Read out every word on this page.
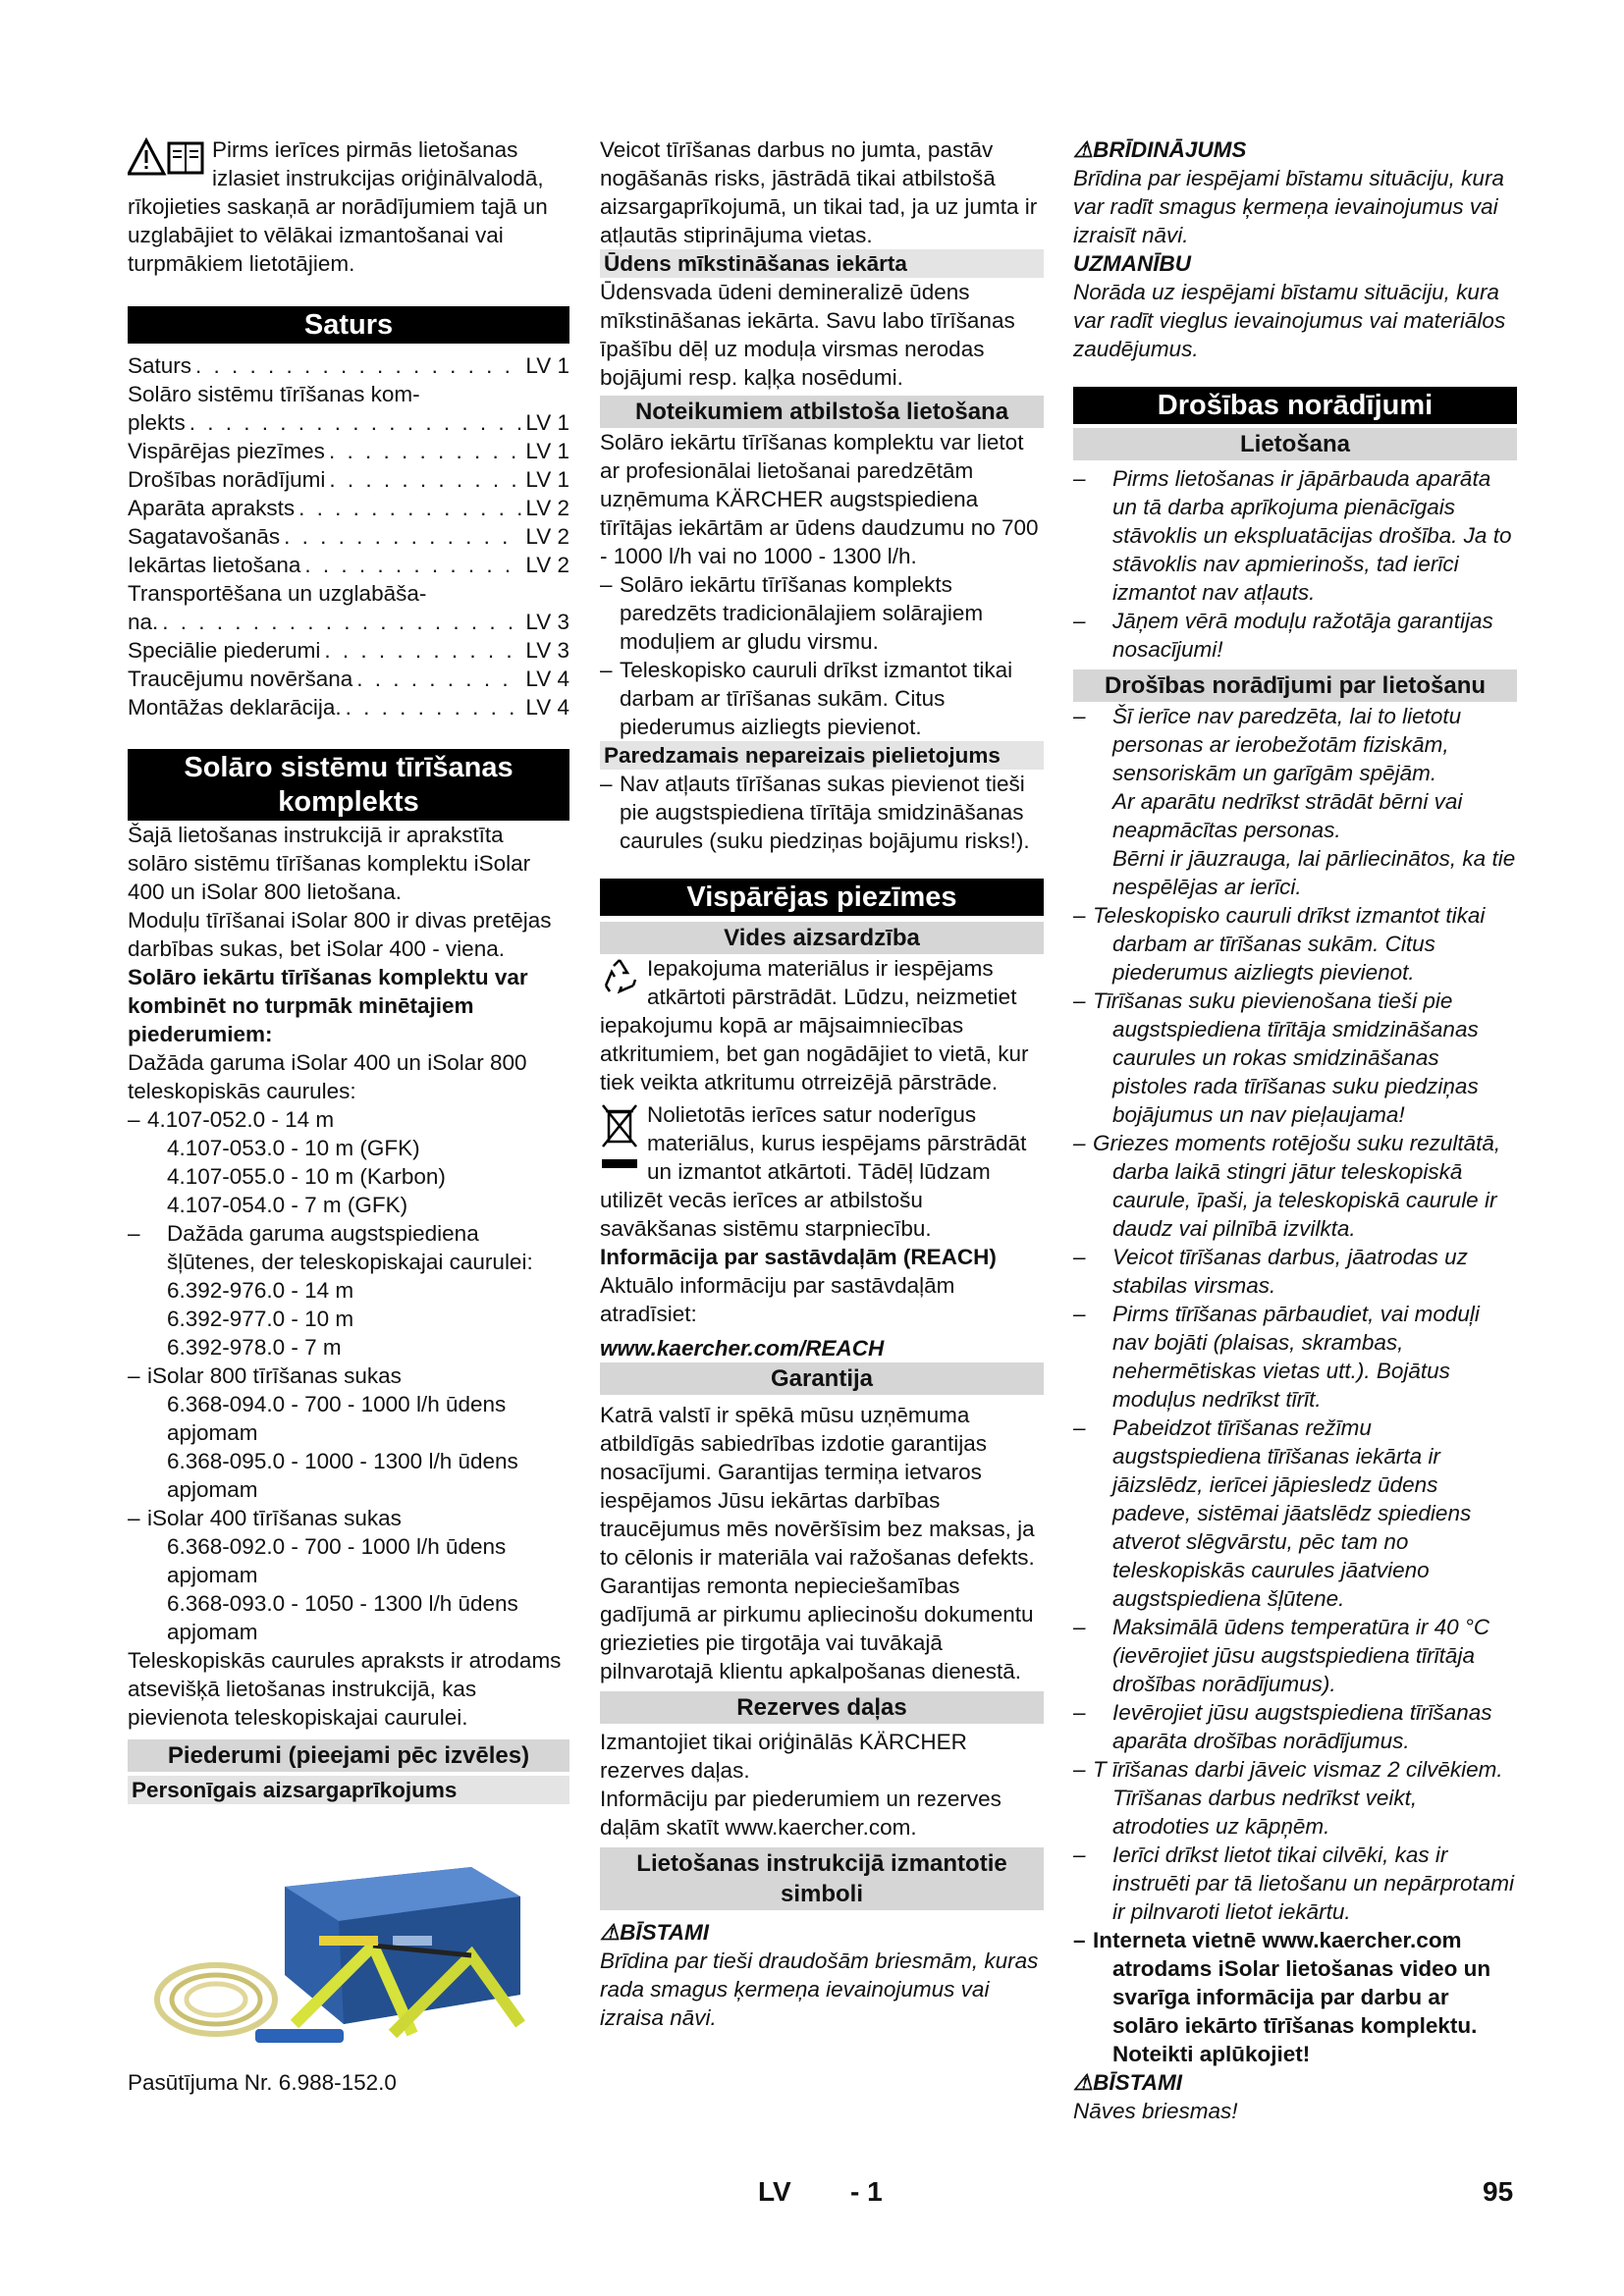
Pirms ierīces pirmās lietošanas izlasiet instrukcijas oriģinālvalodā, rīkojieties saskaņā ar norādījumiem tajā un uzglabājiet to vēlākai izmantošanai vai turpmākiem lietotājiem.

Saturs
Saturs . . .	LV 1
Solāro sistēmu tīrīšanas kom-
plekts . . .	LV 1
Vispārējas piezīmes . . .	LV 1
Drošības norādījumi . . .	LV 1
Aparāta apraksts . . .	LV 2
Sagatavošanās . . .	LV 2
Iekārtas lietošana . . .	LV 2
Transportēšana un uzglabāša-
na. . . .	LV 3
Speciālie piederumi . . .	LV 3
Traucējumu novēršana . . .	LV 4
Montāžas deklarācija. . . .	LV 4
Solāro sistēmu tīrīšanas komplekts

Šajā lietošanas instrukcijā ir aprakstīta solāro sistēmu tīrīšanas komplektu iSolar 400 un iSolar 800 lietošana.

Moduļu tīrīšanai iSolar 800 ir divas pretējas darbības sukas, bet iSolar 400 - viena.

Solāro iekārtu tīrīšanas komplektu var kombinēt no turpmāk minētajiem piederumiem:

Dažāda garuma iSolar 400 un iSolar 800 teleskopiskās caurules:

– 4.107-052.0 - 14 m

4.107-053.0 - 10 m (GFK)

4.107-055.0 - 10 m (Karbon)

4.107-054.0 - 7 m (GFK)

– Dažāda garuma augstspiediena šļūtenes, der teleskopiskajai caurulei:

6.392-976.0 - 14 m

6.392-977.0 - 10 m

6.392-978.0 - 7 m

– iSolar 800 tīrīšanas sukas

6.368-094.0 - 700 - 1000 l/h ūdens apjomam

6.368-095.0 - 1000 - 1300 l/h ūdens apjomam

– iSolar 400 tīrīšanas sukas

6.368-092.0 - 700 - 1000 l/h ūdens apjomam

6.368-093.0 - 1050 - 1300 l/h ūdens apjomam

Teleskopiskās caurules apraksts ir atrodams atsevišķā lietošanas instrukcijā, kas pievienota teleskopiskajai caurulei.

Piederumi (pieejami pēc izvēles)
Personīgais aizsargaprīkojums

Pasūtījuma Nr. 6.988-152.0

Veicot tīrīšanas darbus no jumta, pastāv nogāšanās risks, jāstrādā tikai atbilstošā aizsargaprīkojumā, un tikai tad, ja uz jumta ir atļautās stiprinājuma vietas.

Ūdens mīkstināšanas iekārta

Ūdensvada ūdeni demineralizē ūdens mīkstināšanas iekārta. Savu labo tīrīšanas īpašību dēļ uz moduļa virsmas nerodas bojājumi resp. kaļķa nosēdumi.

Noteikumiem atbilstoša lietošana

Solāro iekārtu tīrīšanas komplektu var lietot ar profesionālai lietošanai paredzētām uzņēmuma KÄRCHER augstspiediena tīrītājas iekārtām ar ūdens daudzumu no 700 - 1000 l/h vai no 1000 - 1300 l/h.

– Solāro iekārtu tīrīšanas komplekts paredzēts tradicionālajiem solārajiem moduļiem ar gludu virsmu.
– Teleskopisko cauruli drīkst izmantot tikai darbam ar tīrīšanas sukām. Citus piederumus aizliegts pievienot.
Paredzamais nepareizais pielietojums
– Nav atļauts tīrīšanas sukas pievienot tieši pie augstspiediena tīrītāja smidzināšanas caurules (suku piedziņas bojājumu risks!).
Vispārējas piezīmes
Vides aizsardzība

Iepakojuma materiālus ir iespējams atkārtoti pārstrādāt. Lūdzu, neizmetiet iepakojumu kopā ar mājsaimniecības atkritumiem, bet gan nogādājiet to vietā, kur tiek veikta atkritumu otrreizējā pārstrāde.

Nolietotās ierīces satur noderīgus materiālus, kurus iespējams pārstrādāt un izmantot atkārtoti. Tādēļ lūdzam utilizēt vecās ierīces ar atbilstošu savākšanas sistēmu starpniecību.

Informācija par sastāvdaļām (REACH)

Aktuālo informāciju par sastāvdaļām atradīsiet:

www.kaercher.com/REACH

Garantija

Katrā valstī ir spēkā mūsu uzņēmuma atbildīgās sabiedrības izdotie garantijas nosacījumi. Garantijas termiņa ietvaros iespējamos Jūsu iekārtas darbības traucējumus mēs novēršīsim bez maksas, ja to cēlonis ir materiāla vai ražošanas defekts. Garantijas remonta nepieciešamības gadījumā ar pirkumu apliecinošu dokumentu griezieties pie tirgotāja vai tuvākajā pilnvarotajā klientu apkalpošanas dienestā.

Rezerves daļas

Izmantojiet tikai oriģinālās KÄRCHER rezerves daļas.

Informāciju par piederumiem un rezerves daļām skatīt www.kaercher.com.

Lietošanas instrukcijā izmantotie simboli

⚠BĪSTAMI

Brīdina par tieši draudošām briesmām, kuras rada smagus ķermeņa ievainojumus vai izraisa nāvi.

⚠BRĪDINĀJUMS

Brīdina par iespējami bīstamu situāciju, kura var radīt smagus ķermeņa ievainojumus vai izraisīt nāvi.

UZMANĪBU

Norāda uz iespējami bīstamu situāciju, kura var radīt vieglus ievainojumus vai materiālos zaudējumus.

Drošības norādījumi
Lietošana
– Pirms lietošanas ir jāpārbauda aparāta un tā darba aprīkojuma pienācīgais stāvoklis un ekspluatācijas drošība. Ja to stāvoklis nav apmierinošs, tad ierīci izmantot nav atļauts.
– Jāņem vērā moduļu ražotāja garantijas nosacījumi!
Drošības norādījumi par lietošanu
– Šī ierīce nav paredzēta, lai to lietotu personas ar ierobežotām fiziskām, sensoriskām un garīgām spējām.

Ar aparātu nedrīkst strādāt bērni vai neapmācītas personas.

Bērni ir jāuzrauga, lai pārliecinātos, ka tie nespēlējas ar ierīci.

– Teleskopisko cauruli drīkst izmantot tikai darbam ar tīrīšanas sukām. Citus piederumus aizliegts pievienot.
– Tīrīšanas suku pievienošana tieši pie augstspiediena tīrītāja smidzināšanas caurules un rokas smidzināšanas pistoles rada tīrīšanas suku piedziņas bojājumus un nav pieļaujama!
– Griezes moments rotējošu suku rezultātā, darba laikā stingri jātur teleskopiskā caurule, īpaši, ja teleskopiskā caurule ir daudz vai pilnībā izvilkta.
– Veicot tīrīšanas darbus, jāatrodas uz stabilas virsmas.
– Pirms tīrīšanas pārbaudiet, vai moduļi nav bojāti (plaisas, skrambas, nehermētiskas vietas utt.). Bojātus moduļus nedrīkst tīrīt.
– Pabeidzot tīrīšanas režīmu augstspiediena tīrīšanas iekārta ir jāizslēdz, ierīcei jāpiesledz ūdens padeve, sistēmai jāatslēdz spiediens atverot slēgvārstu, pēc tam no teleskopiskās caurules jāatvieno augstspiediena šļūtene.
– Maksimālā ūdens temperatūra ir 40 °C (ievērojiet jūsu augstspiediena tīrītāja drošības norādījumus).
– Ievērojiet jūsu augstspiediena tīrīšanas aparāta drošības norādījumus.
– T īrīšanas darbi jāveic vismaz 2 cilvēkiem.

Tīrīšanas darbus nedrīkst veikt, atrodoties uz kāpņēm.

– Ierīci drīkst lietot tikai cilvēki, kas ir instruēti par tā lietošanu un nepārprotami ir pilnvaroti lietot iekārtu.
– Interneta vietnē www.kaercher.com atrodams iSolar lietošanas video un svarīga informācija par darbu ar solāro iekārto tīrīšanas komplektu. Noteikti aplūkojiet!

⚠BĪSTAMI

Nāves briesmas!

LV - 1	95
